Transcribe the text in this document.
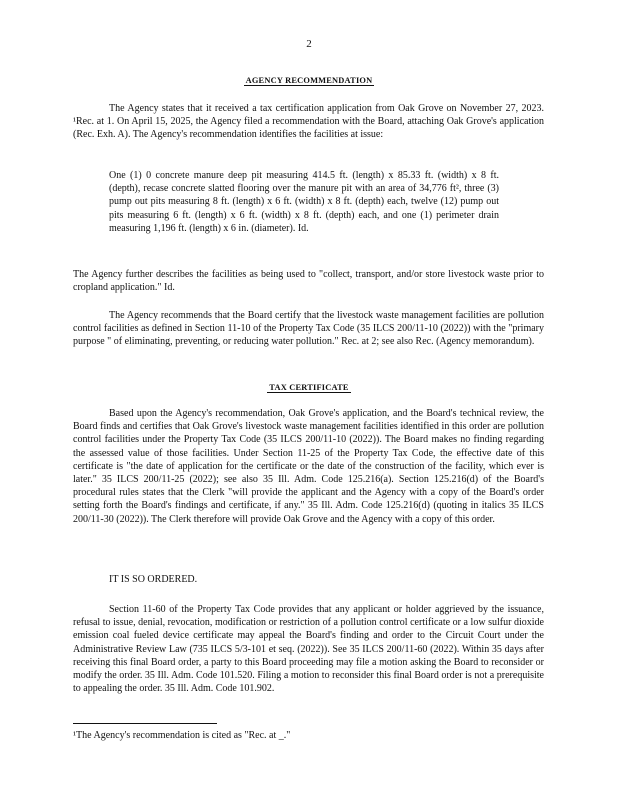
2
AGENCY RECOMMENDATION
The Agency states that it received a tax certification application from Oak Grove on November 27, 2023. ¹Rec. at 1. On April 15, 2025, the Agency filed a recommendation with the Board, attaching Oak Grove's application (Rec. Exh. A). The Agency's recommendation identifies the facilities at issue:
One (1) 0 concrete manure deep pit measuring 414.5 ft. (length) x 85.33 ft. (width) x 8 ft. (depth), recase concrete slatted flooring over the manure pit with an area of 34,776 ft², three (3) pump out pits measuring 8 ft. (length) x 6 ft. (width) x 8 ft. (depth) each, twelve (12) pump out pits measuring 6 ft. (length) x 6 ft. (width) x 8 ft. (depth) each, and one (1) perimeter drain measuring 1,196 ft. (length) x 6 in. (diameter). Id.
The Agency further describes the facilities as being used to "collect, transport, and/or store livestock waste prior to cropland application." Id.
The Agency recommends that the Board certify that the livestock waste management facilities are pollution control facilities as defined in Section 11-10 of the Property Tax Code (35 ILCS 200/11-10 (2022)) with the "primary purpose " of eliminating, preventing, or reducing water pollution." Rec. at 2; see also Rec. (Agency memorandum).
TAX CERTIFICATE
Based upon the Agency's recommendation, Oak Grove's application, and the Board's technical review, the Board finds and certifies that Oak Grove's livestock waste management facilities identified in this order are pollution control facilities under the Property Tax Code (35 ILCS 200/11-10 (2022)). The Board makes no finding regarding the assessed value of those facilities. Under Section 11-25 of the Property Tax Code, the effective date of this certificate is "the date of application for the certificate or the date of the construction of the facility, which ever is later." 35 ILCS 200/11-25 (2022); see also 35 Ill. Adm. Code 125.216(a). Section 125.216(d) of the Board's procedural rules states that the Clerk "will provide the applicant and the Agency with a copy of the Board's order setting forth the Board's findings and certificate, if any." 35 Ill. Adm. Code 125.216(d) (quoting in italics 35 ILCS 200/11-30 (2022)). The Clerk therefore will provide Oak Grove and the Agency with a copy of this order.
IT IS SO ORDERED.
Section 11-60 of the Property Tax Code provides that any applicant or holder aggrieved by the issuance, refusal to issue, denial, revocation, modification or restriction of a pollution control certificate or a low sulfur dioxide emission coal fueled device certificate may appeal the Board's finding and order to the Circuit Court under the Administrative Review Law (735 ILCS 5/3-101 et seq. (2022)). See 35 ILCS 200/11-60 (2022). Within 35 days after receiving this final Board order, a party to this Board proceeding may file a motion asking the Board to reconsider or modify the order. 35 Ill. Adm. Code 101.520. Filing a motion to reconsider this final Board order is not a prerequisite to appealing the order. 35 Ill. Adm. Code 101.902.
¹The Agency's recommendation is cited as "Rec. at _."
